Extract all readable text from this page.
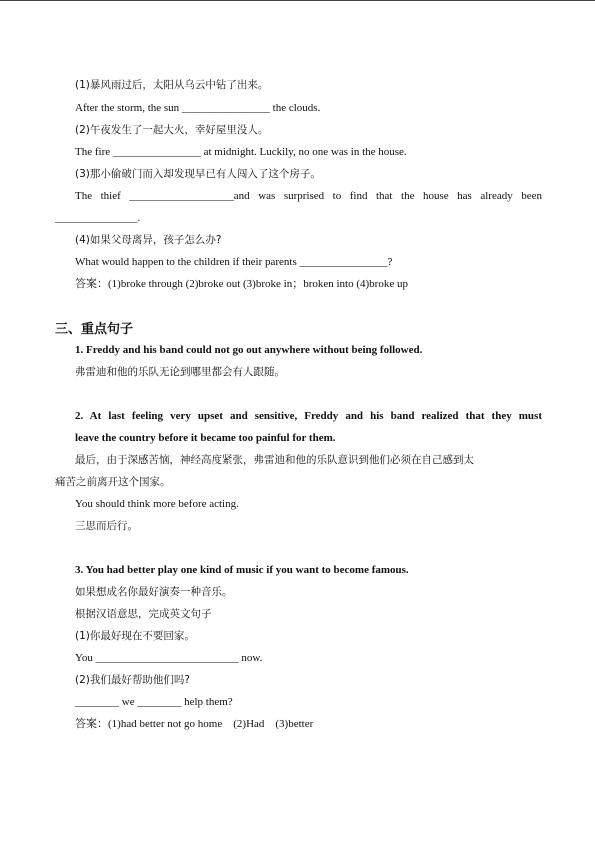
(1)暴风雨过后，太阳从乌云中钻了出来。
After the storm, the sun ________________ the clouds.
(2)午夜发生了一起大火，幸好屋里没人。
The fire ________________ at midnight. Luckily, no one was in the house.
(3)那小偷破门而入却发现早已有人闯入了这个房子。
The thief ___________________and was surprised to find that the house has already been
_______________.
(4)如果父母离异，孩子怎么办?
What would happen to the children if their parents ________________?
答案：(1)broke through (2)broke out (3)broke in；broken into (4)broke up
三、重点句子
1. Freddy and his band could not go out anywhere without being followed.
弗雷迪和他的乐队无论到哪里都会有人跟随。
2. At last feeling very upset and sensitive, Freddy and his band realized that they must
leave the country before it became too painful for them.
最后，由于深感苦恼，神经高度紧张，弗雷迪和他的乐队意识到他们必须在自己感到太
痛苦之前离开这个国家。
You should think more before acting.
三思而后行。
3. You had better play one kind of music if you want to become famous.
如果想成名你最好演奏一种音乐。
根据汉语意思，完成英文句子
(1)你最好现在不要回家。
You __________________________ now.
(2)我们最好帮助他们吗?
________ we ________ help them?
答案：(1)had better not go home　(2)Had　(3)better
